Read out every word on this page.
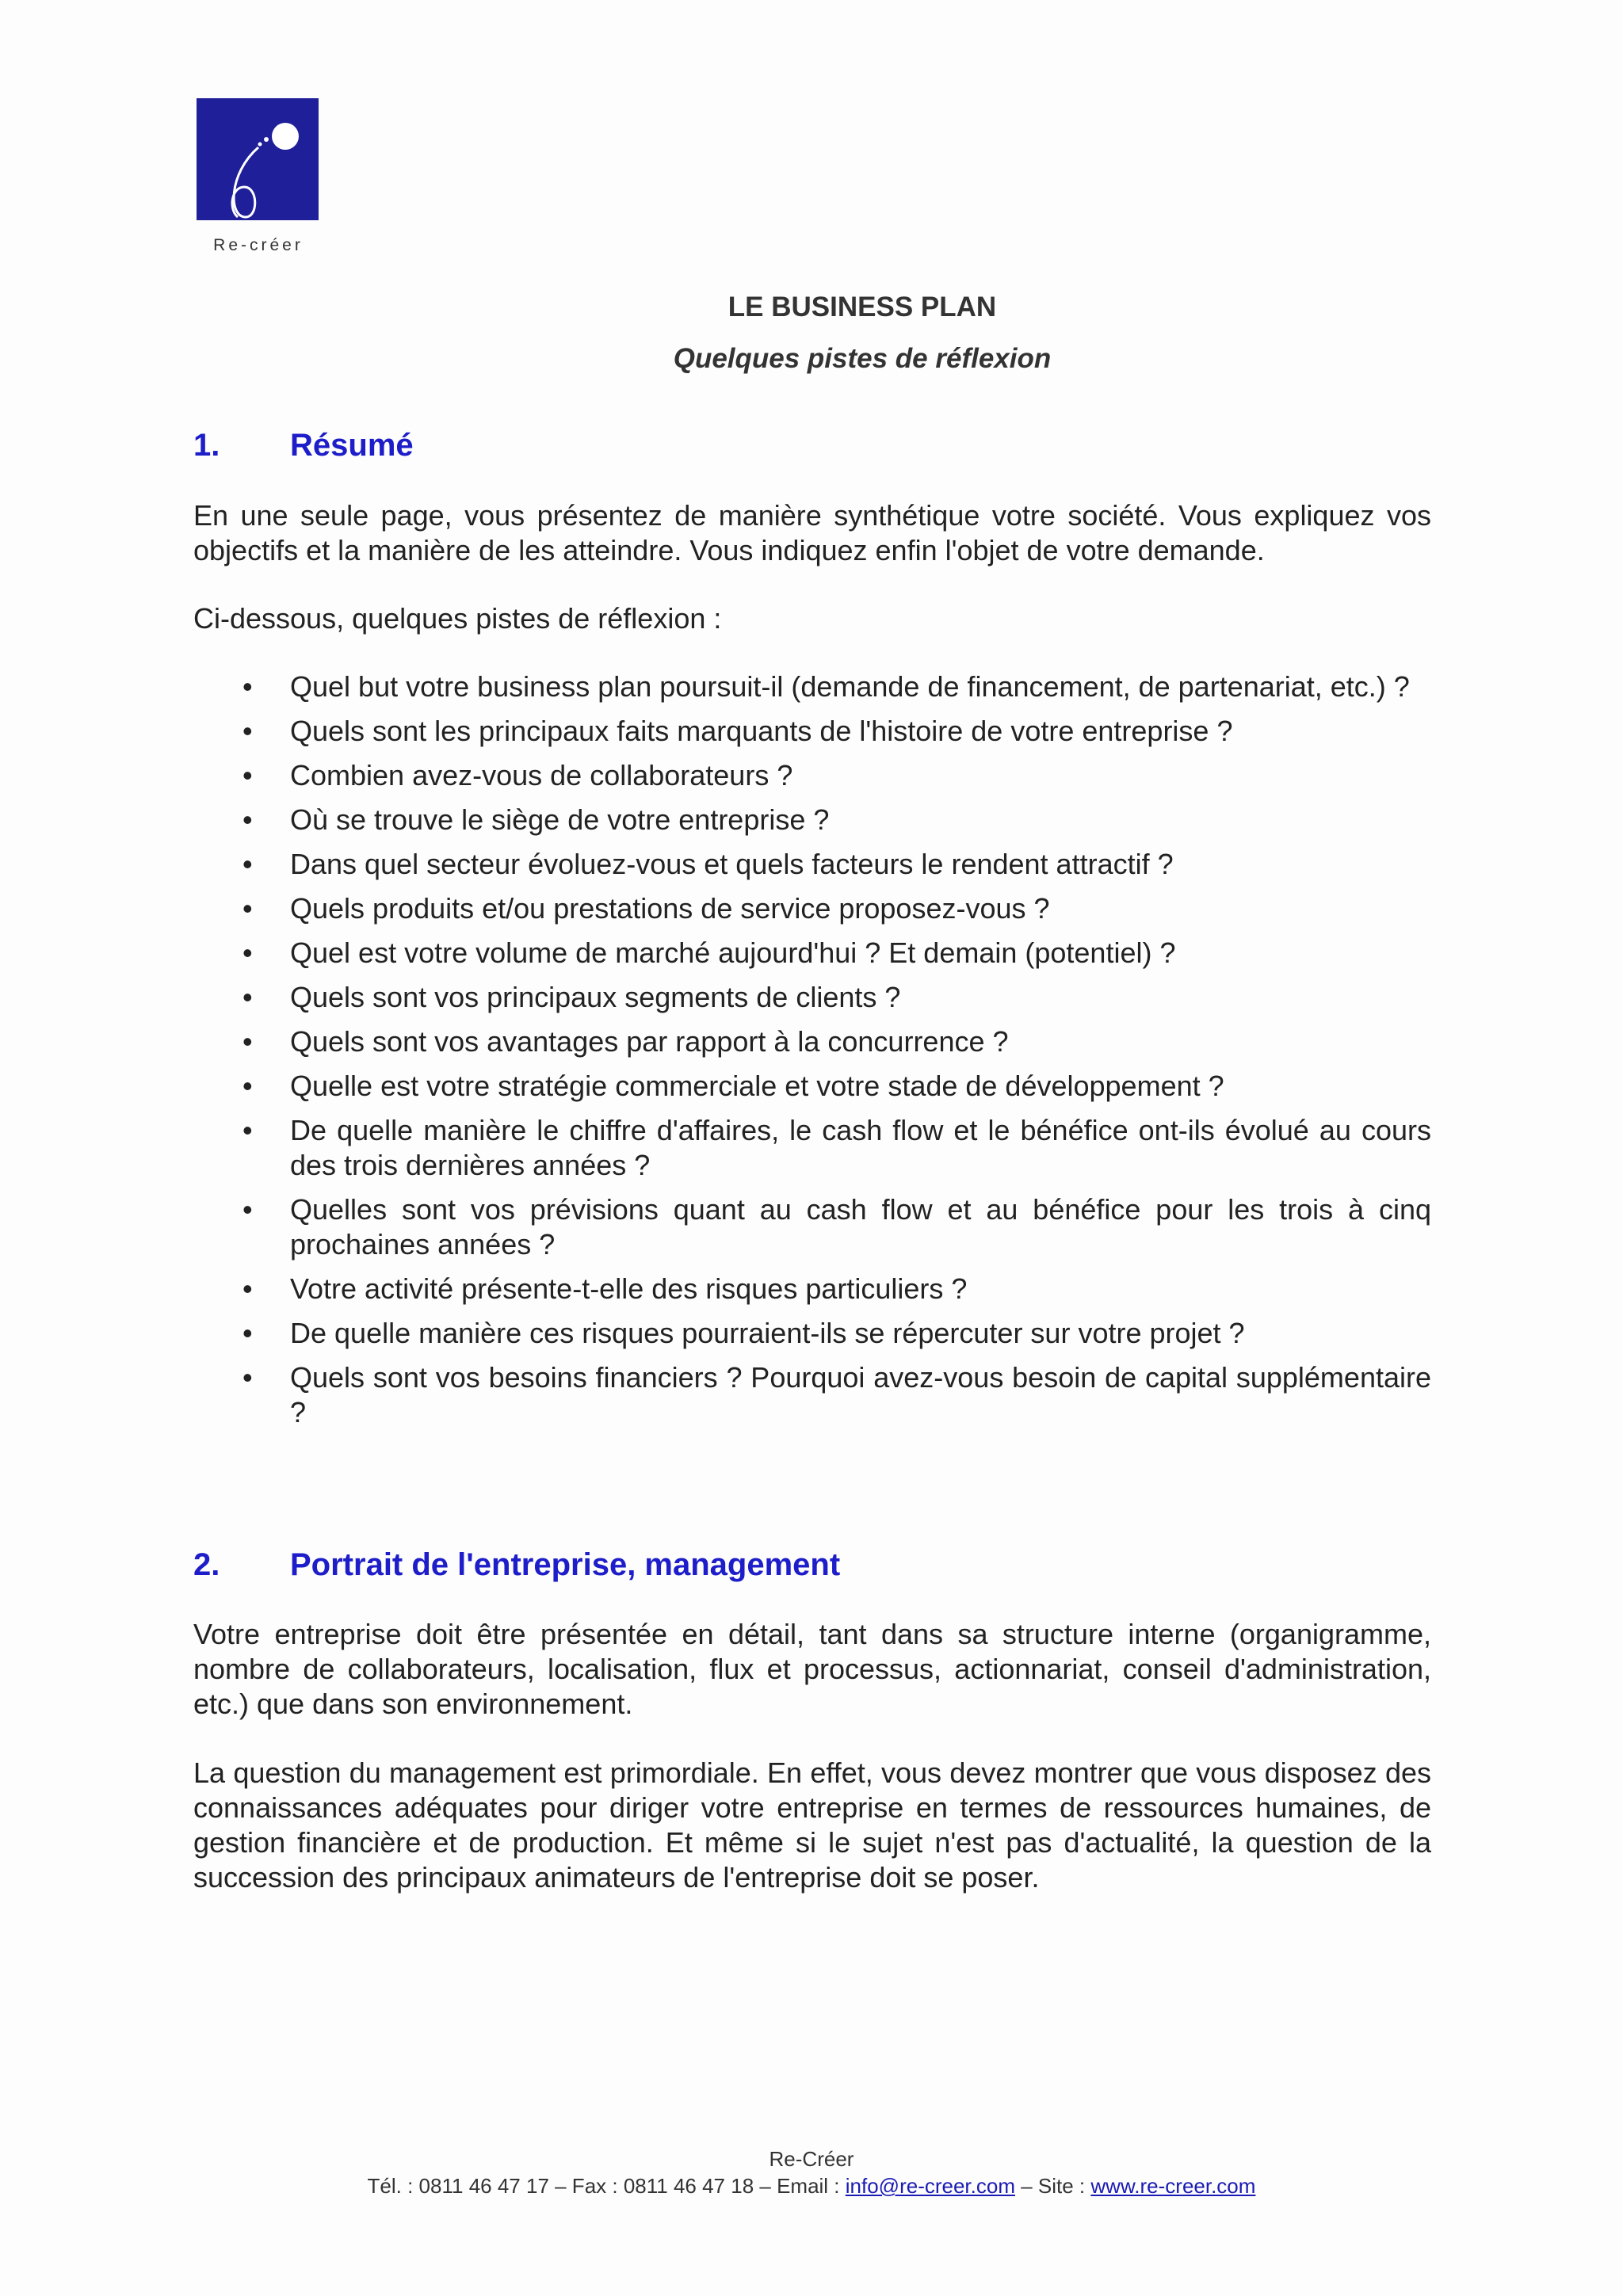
Re-créer
LE BUSINESS PLAN
Quelques pistes de réflexion
1. Résumé
En une seule page, vous présentez de manière synthétique votre société. Vous expliquez vos objectifs et la manière de les atteindre. Vous indiquez enfin l'objet de votre demande.
Ci-dessous, quelques pistes de réflexion :
• Quel but votre business plan poursuit-il (demande de financement, de partenariat, etc.) ?
• Quels sont les principaux faits marquants de l'histoire de votre entreprise ?
• Combien avez-vous de collaborateurs ?
• Où se trouve le siège de votre entreprise ?
• Dans quel secteur évoluez-vous et quels facteurs le rendent attractif ?
• Quels produits et/ou prestations de service proposez-vous ?
• Quel est votre volume de marché aujourd'hui ? Et demain (potentiel) ?
• Quels sont vos principaux segments de clients ?
• Quels sont vos avantages par rapport à la concurrence ?
• Quelle est votre stratégie commerciale et votre stade de développement ?
• De quelle manière le chiffre d'affaires, le cash flow et le bénéfice ont-ils évolué au cours des trois dernières années ?
• Quelles sont vos prévisions quant au cash flow et au bénéfice pour les trois à cinq prochaines années ?
• Votre activité présente-t-elle des risques particuliers ?
• De quelle manière ces risques pourraient-ils se répercuter sur votre projet ?
• Quels sont vos besoins financiers ? Pourquoi avez-vous besoin de capital supplémentaire ?
2. Portrait de l'entreprise, management
Votre entreprise doit être présentée en détail, tant dans sa structure interne (organigramme, nombre de collaborateurs, localisation, flux et processus, actionnariat, conseil d'administration, etc.) que dans son environnement.
La question du management est primordiale. En effet, vous devez montrer que vous disposez des connaissances adéquates pour diriger votre entreprise en termes de ressources humaines, de gestion financière et de production. Et même si le sujet n'est pas d'actualité, la question de la succession des principaux animateurs de l'entreprise doit se poser.
Re-Créer
Tél. : 0811 46 47 17 – Fax : 0811 46 47 18 – Email : info@re-creer.com – Site : www.re-creer.com
